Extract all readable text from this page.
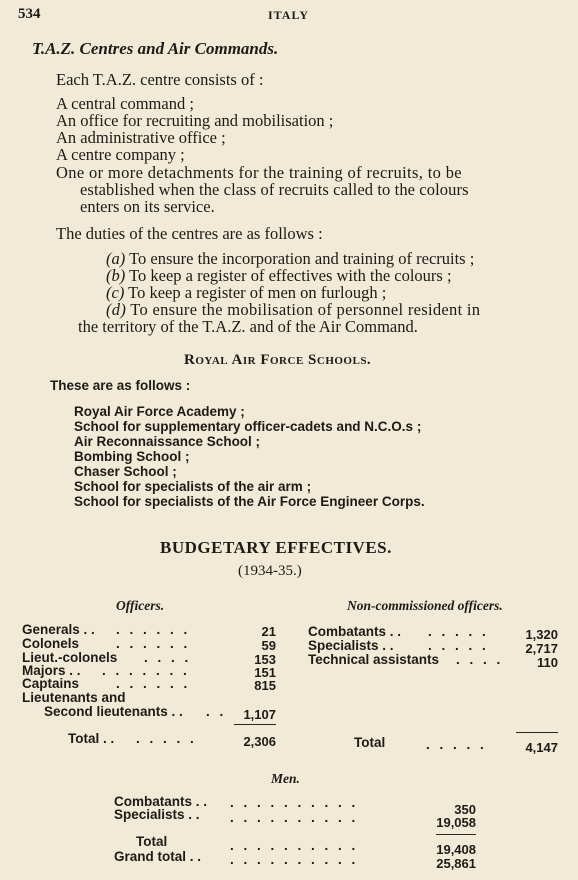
534	ITALY
T.A.Z. Centres and Air Commands.
Each T.A.Z. centre consists of :
A central command ;
An office for recruiting and mobilisation ;
An administrative office ;
A centre company ;
One or more detachments for the training of recruits, to be
established when the class of recruits called to the colours
enters on its service.
The duties of the centres are as follows :
(a) To ensure the incorporation and training of recruits ;
(b) To keep a register of effectives with the colours ;
(c) To keep a register of men on furlough ;
(d) To ensure the mobilisation of personnel resident in
the territory of the T.A.Z. and of the Air Command.
Royal Air Force Schools.
These are as follows :
Royal Air Force Academy ;
School for supplementary officer-cadets and N.C.O.s ;
Air Reconnaissance School ;
Bombing School ;
Chaser School ;
School for specialists of the air arm ;
School for specialists of the Air Force Engineer Corps.
BUDGETARY EFFECTIVES.
(1934-35.)
Officers.
Generals . . . . . . . .	21
Colonels	. . . . . .	59
Lieut.-colonels . . . .	153
Majors . . . . . . . . .	151
Captains	. . . . . .	815
Lieutenants and
Second lieutenants . . . .	1,107
Total . . . . . . .	2,306
Non-commissioned officers.
Combatants . . . . . . .	1,320
Specialists . .	. . . . .	2,717
Technical assistants . . . .	110
Total	. . . . .	4,147
Men.
Combatants . . . . . . . . . . . .	350
Specialists . . . . . . . . . . . .	19,058
Total	. . . . . . . . . .	19,408
Grand total . . . . . . . . . . . .	25,861
